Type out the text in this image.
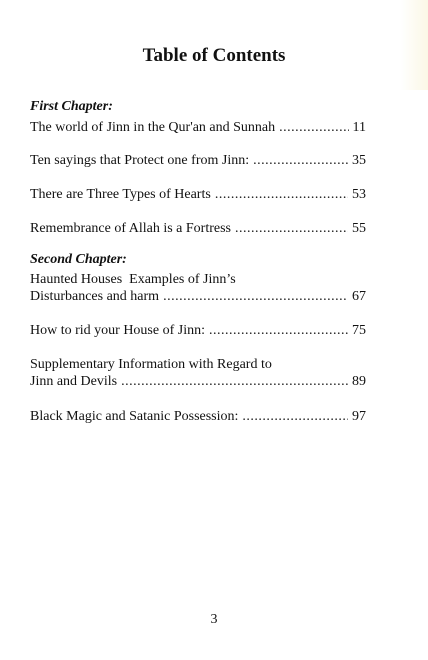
Table of Contents
First Chapter:
The world of Jinn in the Qur'an and Sunnah .....	11
Ten sayings that Protect one from Jinn: .....	35
There are Three Types of Hearts .....	53
Remembrance of Allah is a Fortress .....	55
Second Chapter:
Haunted Houses  Examples of Jinn’s
Disturbances and harm .....	67
How to rid your House of Jinn: .....	75
Supplementary Information with Regard to
Jinn and Devils .....	89
Black Magic and Satanic Possession: .....	97
3
